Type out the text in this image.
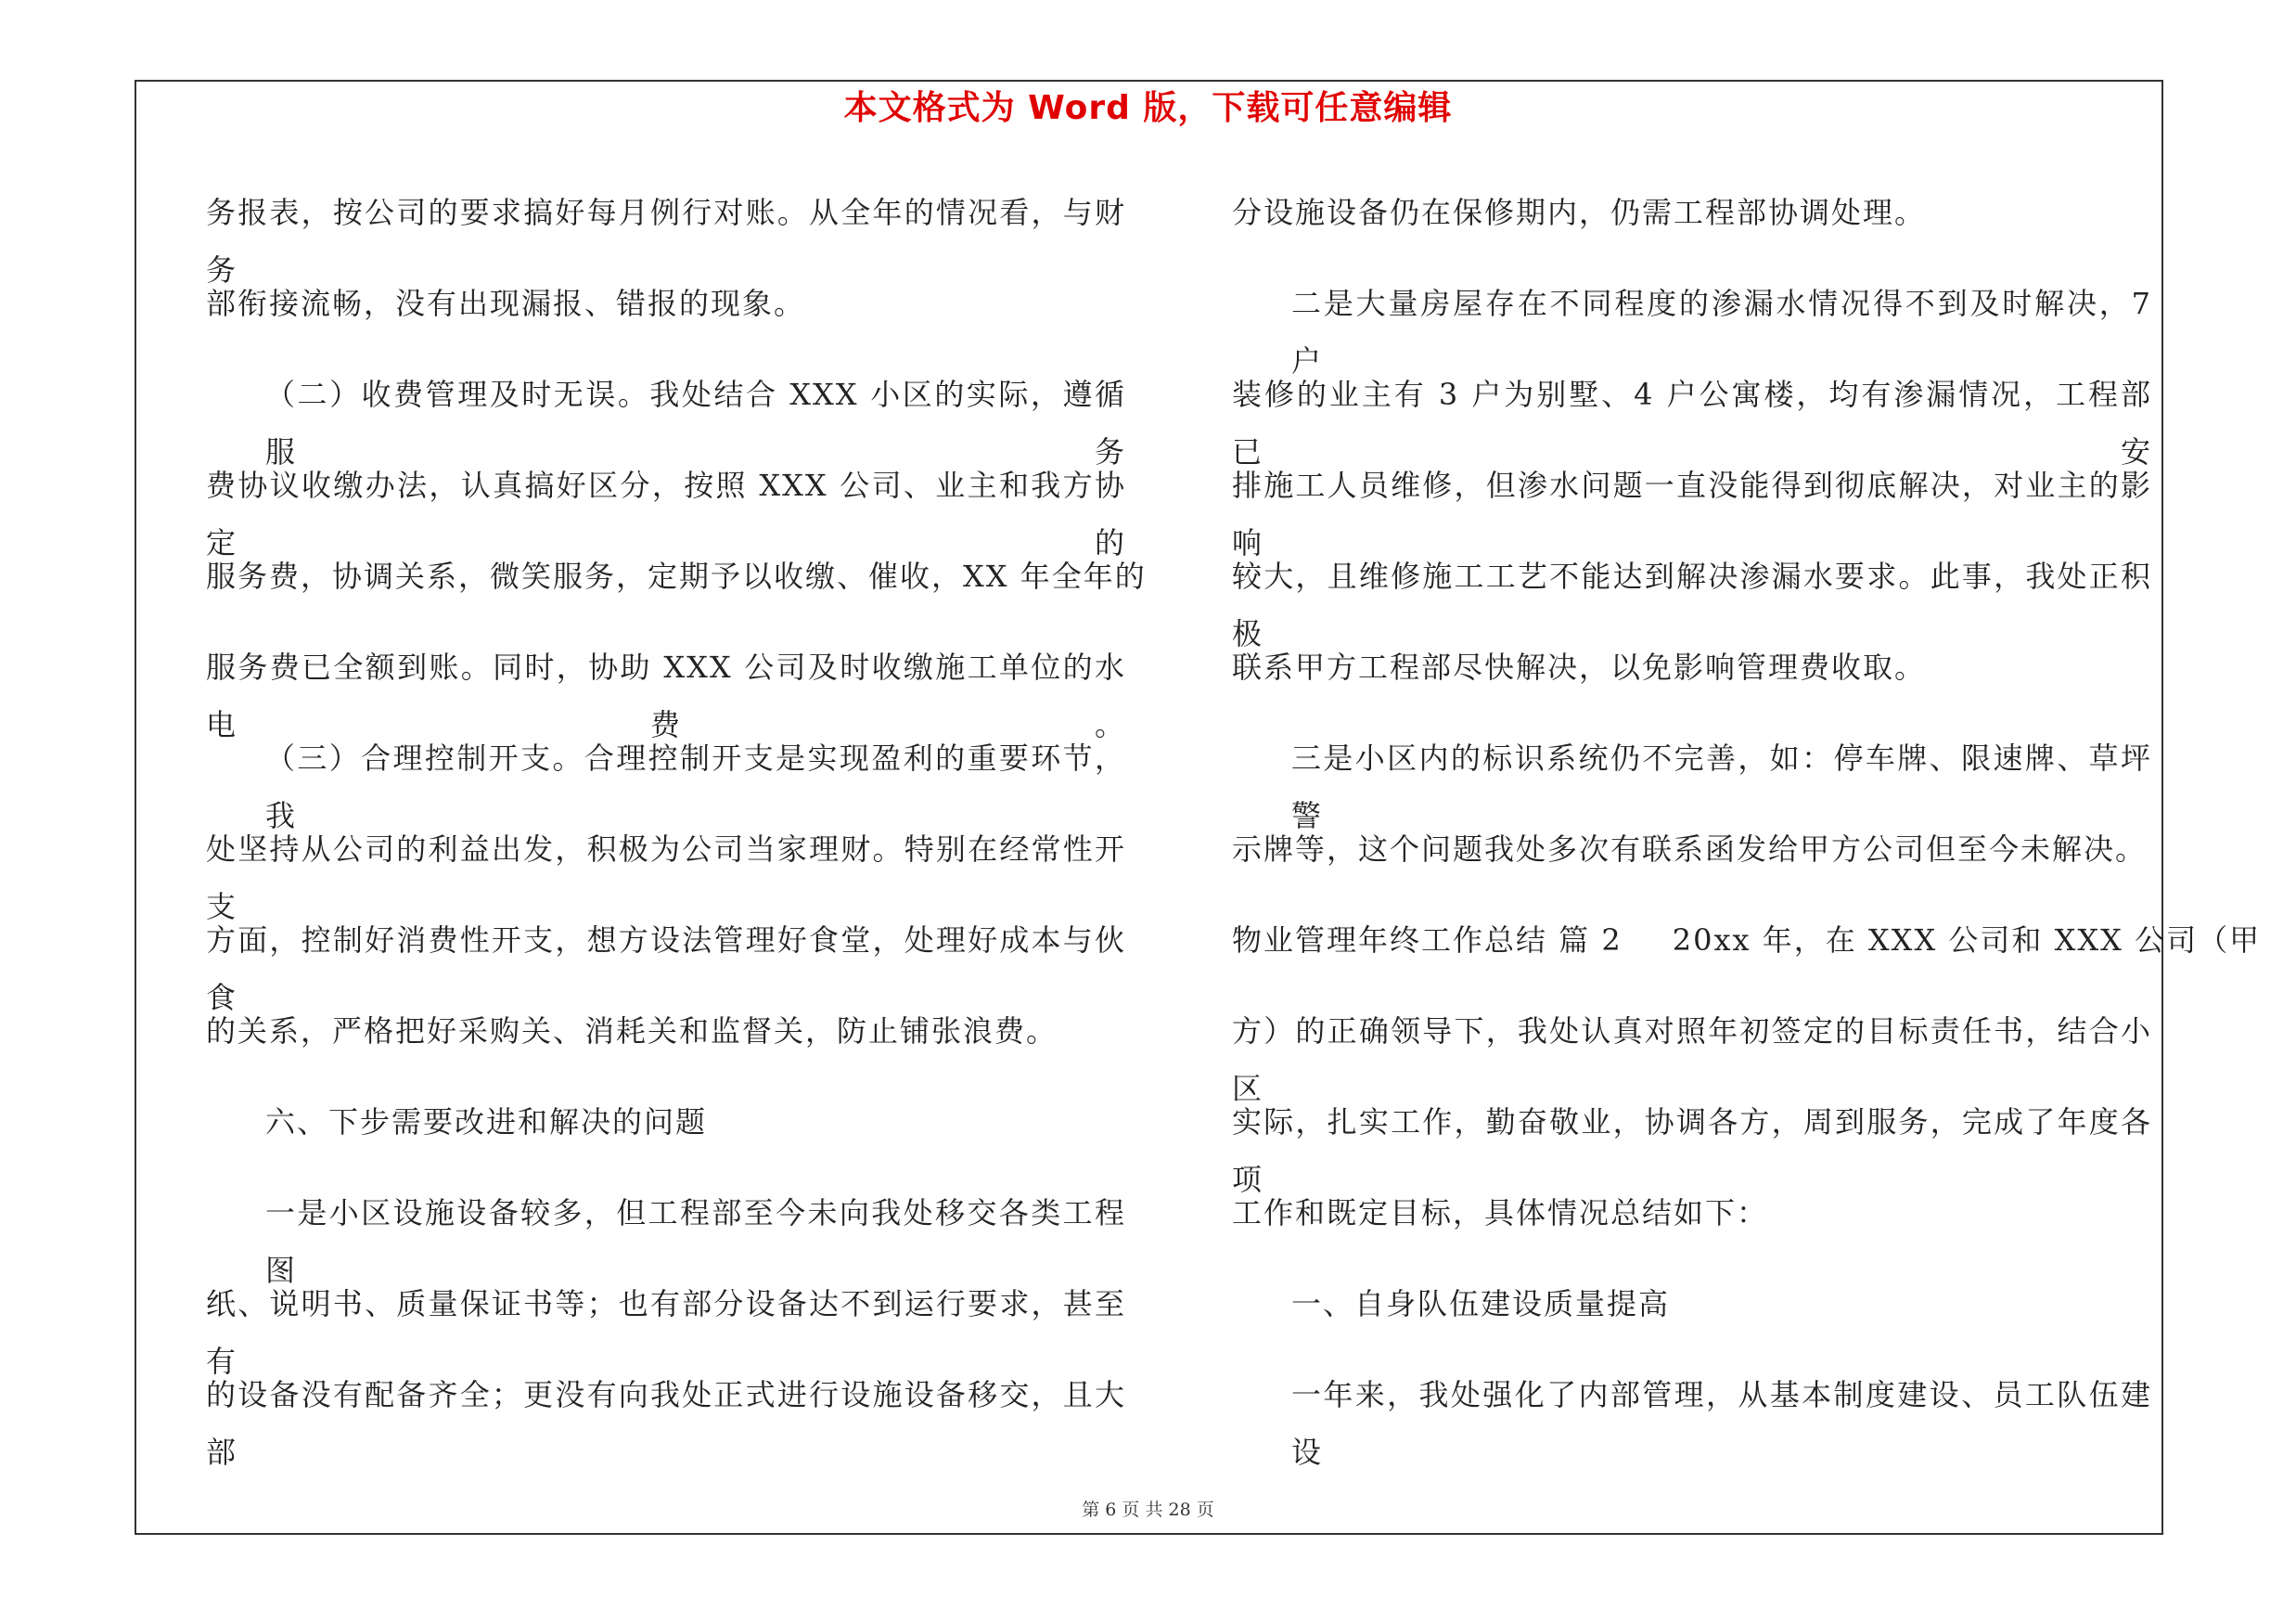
本文格式为 Word 版，下载可任意编辑
务报表，按公司的要求搞好每月例行对账。从全年的情况看，与财务
部衔接流畅，没有出现漏报、错报的现象。
（二）收费管理及时无误。我处结合 XXX 小区的实际，遵循服务
费协议收缴办法，认真搞好区分，按照 XXX 公司、业主和我方协定的
服务费，协调关系，微笑服务，定期予以收缴、催收，XX 年全年的
服务费已全额到账。同时，协助 XXX 公司及时收缴施工单位的水电费。
（三）合理控制开支。合理控制开支是实现盈利的重要环节，我
处坚持从公司的利益出发，积极为公司当家理财。特别在经常性开支
方面，控制好消费性开支，想方设法管理好食堂，处理好成本与伙食
的关系，严格把好采购关、消耗关和监督关，防止铺张浪费。
六、下步需要改进和解决的问题
一是小区设施设备较多，但工程部至今未向我处移交各类工程图
纸、说明书、质量保证书等；也有部分设备达不到运行要求，甚至有
的设备没有配备齐全；更没有向我处正式进行设施设备移交，且大部
分设施设备仍在保修期内，仍需工程部协调处理。
二是大量房屋存在不同程度的渗漏水情况得不到及时解决，7 户
装修的业主有 3 户为别墅、4 户公寓楼，均有渗漏情况，工程部已安
排施工人员维修，但渗水问题一直没能得到彻底解决，对业主的影响
较大，且维修施工工艺不能达到解决渗漏水要求。此事，我处正积极
联系甲方工程部尽快解决，以免影响管理费收取。
三是小区内的标识系统仍不完善，如：停车牌、限速牌、草坪警
示牌等，这个问题我处多次有联系函发给甲方公司但至今未解决。
物业管理年终工作总结 篇 2 20xx 年，在 XXX 公司和 XXX 公司（甲
方）的正确领导下，我处认真对照年初签定的目标责任书，结合小区
实际，扎实工作，勤奋敬业，协调各方，周到服务，完成了年度各项
工作和既定目标，具体情况总结如下：
一、自身队伍建设质量提高
一年来，我处强化了内部管理，从基本制度建设、员工队伍建设
第 6 页 共 28 页
